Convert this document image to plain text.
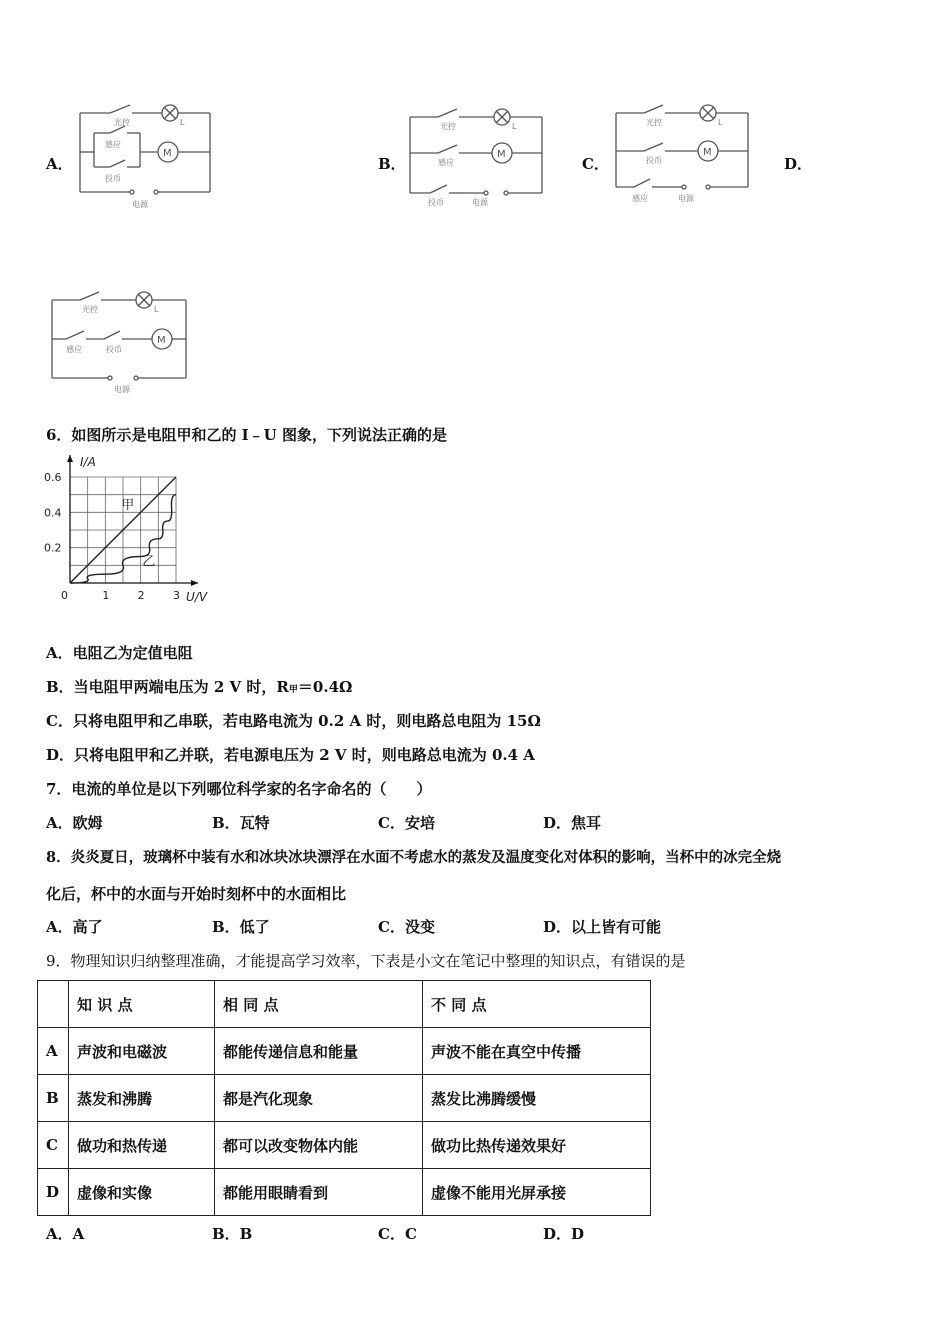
A．
M
光控
感应
投币
电源
L
B．
M
光控
感应
投币	电源
L
C．
M
光控
投币
感应	电源
L
D．
M
光控
感应	投币
电源
L
6．如图所示是电阻甲和乙的 I﹣U 图象，下列说法正确的是
0	1	2	3
0.2
0.4
0.6
甲
乙
I/A
U/V
A．电阻乙为定值电阻
B．当电阻甲两端电压为 2 V 时，R甲＝0.4Ω
C．只将电阻甲和乙串联，若电路电流为 0.2 A 时，则电路总电阻为 15Ω
D．只将电阻甲和乙并联，若电源电压为 2 V 时，则电路总电流为 0.4 A
7．电流的单位是以下列哪位科学家的名字命名的（　　）
A．欧姆	B．瓦特	C．安培	D．焦耳
8．炎炎夏日，玻璃杯中装有水和冰块冰块漂浮在水面不考虑水的蒸发及温度变化对体积的影响，当杯中的冰完全烧
化后，杯中的水面与开始时刻杯中的水面相比
A．高了	B．低了	C．没变	D．以上皆有可能
9．物理知识归纳整理准确，才能提高学习效率，下表是小文在笔记中整理的知识点，有错误的是
	知 识 点	相 同 点	不 同 点
A	声波和电磁波	都能传递信息和能量	声波不能在真空中传播
B	蒸发和沸腾	都是汽化现象	蒸发比沸腾缓慢
C	做功和热传递	都可以改变物体内能	做功比热传递效果好
D	虚像和实像	都能用眼睛看到	虚像不能用光屏承接
A．A	B．B	C．C	D．D
